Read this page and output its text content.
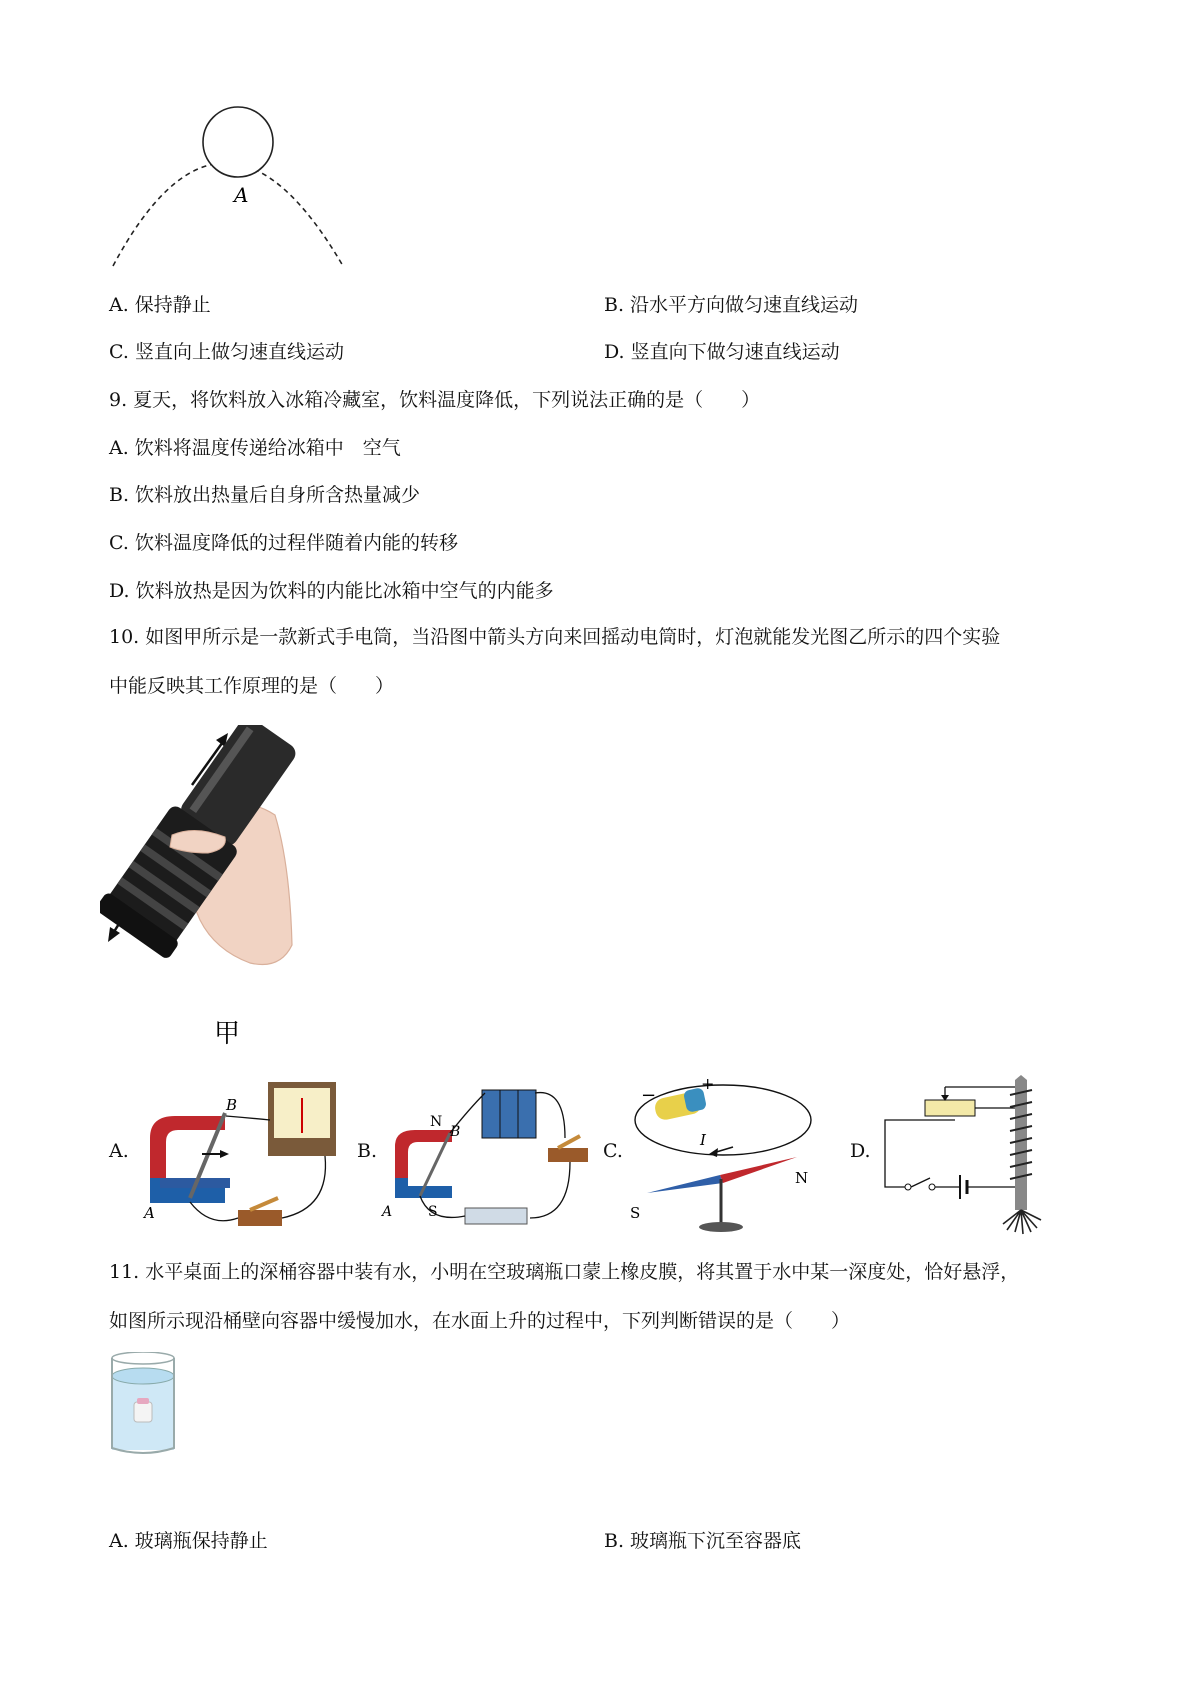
A
A. 保持静止	B. 沿水平方向做匀速直线运动
C. 竖直向上做匀速直线运动	D. 竖直向下做匀速直线运动
9. 夏天，将饮料放入冰箱冷藏室，饮料温度降低，下列说法正确的是（　　）
A. 饮料将温度传递给冰箱中　空气
B. 饮料放出热量后自身所含热量减少
C. 饮料温度降低的过程伴随着内能的转移
D. 饮料放热是因为饮料的内能比冰箱中空气的内能多
10. 如图甲所示是一款新式手电筒，当沿图中箭头方向来回摇动电筒时，灯泡就能发光图乙所示的四个实验
中能反映其工作原理的是（　　）
甲
A.	B.	C.	D.
B
A
N
B
S
A
−
+
I
S
N
11. 水平桌面上的深桶容器中装有水，小明在空玻璃瓶口蒙上橡皮膜，将其置于水中某一深度处，恰好悬浮，
如图所示现沿桶壁向容器中缓慢加水，在水面上升的过程中，下列判断错误的是（　　）
A. 玻璃瓶保持静止	B. 玻璃瓶下沉至容器底
